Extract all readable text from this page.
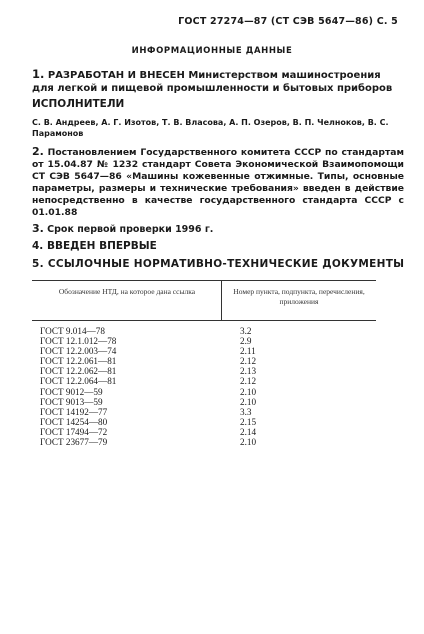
ГОСТ 27274—87 (СТ СЭВ 5647—86) С. 5
ИНФОРМАЦИОННЫЕ ДАННЫЕ
1. РАЗРАБОТАН И ВНЕСЕН Министерством машиностроения для легкой и пищевой промышленности и бытовых приборов
ИСПОЛНИТЕЛИ
С. В. Андреев, А. Г. Изотов, Т. В. Власова, А. П. Озеров, В. П. Челноков, В. С. Парамонов
2. Постановлением Государственного комитета СССР по стандартам от 15.04.87 № 1232 стандарт Совета Экономической Взаимопомощи СТ СЭВ 5647—86 «Машины кожевенные отжимные. Типы, основные параметры, размеры и технические требования» введен в действие непосредственно в качестве государственного стандарта СССР с 01.01.88
3. Срок первой проверки 1996 г.
4. ВВЕДЕН ВПЕРВЫЕ
5. ССЫЛОЧНЫЕ НОРМАТИВНО-ТЕХНИЧЕСКИЕ ДОКУМЕНТЫ
Обозначение НТД, на которое дана ссылка	Номер пункта, подпункта, перечисления, приложения
ГОСТ 9.014—78	3.2
ГОСТ 12.1.012—78	2.9
ГОСТ 12.2.003—74	2.11
ГОСТ 12.2.061—81	2.12
ГОСТ 12.2.062—81	2.13
ГОСТ 12.2.064—81	2.12
ГОСТ 9012—59	2.10
ГОСТ 9013—59	2.10
ГОСТ 14192—77	3.3
ГОСТ 14254—80	2.15
ГОСТ 17494—72	2.14
ГОСТ 23677—79	2.10
